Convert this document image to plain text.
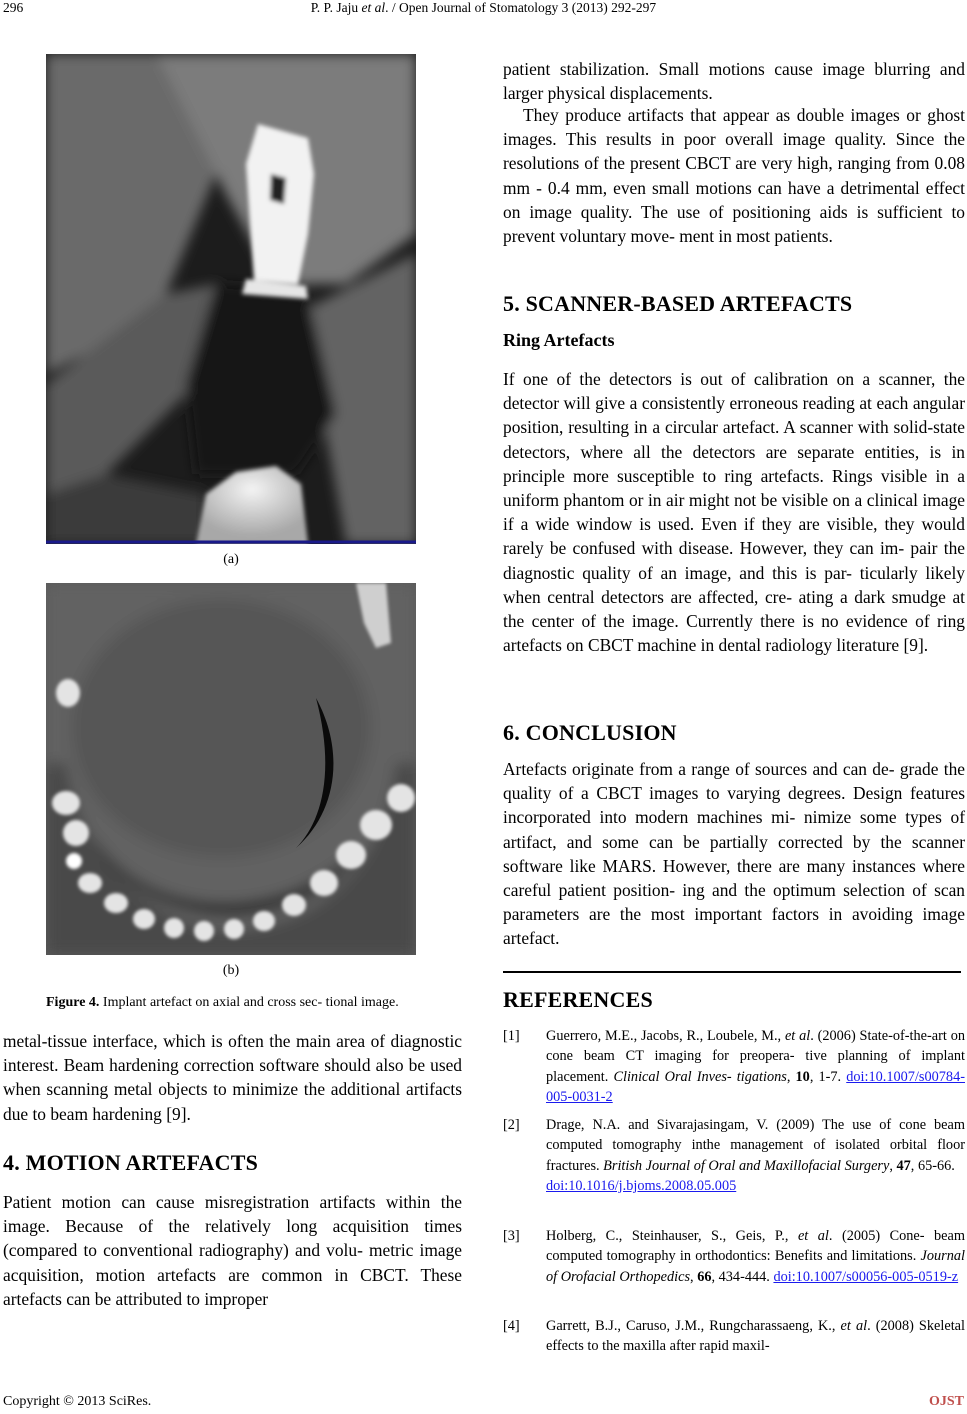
296	P. P. Jaju et al. / Open Journal of Stomatology 3 (2013) 292-297
(a)
(b)
Figure 4. Implant artefact on axial and cross sec- tional image.

metal-tissue interface, which is often the main area of diagnostic interest. Beam hardening correction software should also be used when scanning metal objects to minimize the additional artifacts due to beam hardening [9].

4. MOTION ARTEFACTS

Patient motion can cause misregistration artifacts within the image. Because of the relatively long acquisition times (compared to conventional radiography) and volu- metric image acquisition, motion artefacts are common in CBCT. These artefacts can be attributed to improper

patient stabilization. Small motions cause image blurring and larger physical displacements.

They produce artifacts that appear as double images or ghost images. This results in poor overall image quality. Since the resolutions of the present CBCT are very high, ranging from 0.08 mm - 0.4 mm, even small motions can have a detrimental effect on image quality. The use of positioning aids is sufficient to prevent voluntary move- ment in most patients.

5. SCANNER-BASED ARTEFACTS
Ring Artefacts

If one of the detectors is out of calibration on a scanner, the detector will give a consistently erroneous reading at each angular position, resulting in a circular artefact. A scanner with solid-state detectors, where all the detectors are separate entities, is in principle more susceptible to ring artefacts. Rings visible in a uniform phantom or in air might not be visible on a clinical image if a wide window is used. Even if they are visible, they would rarely be confused with disease. However, they can im- pair the diagnostic quality of an image, and this is par- ticularly likely when central detectors are affected, cre- ating a dark smudge at the center of the image. Currently there is no evidence of ring artefacts on CBCT machine in dental radiology literature [9].

6. CONCLUSION

Artefacts originate from a range of sources and can de- grade the quality of a CBCT images to varying degrees. Design features incorporated into modern machines mi- nimize some types of artifact, and some can be partially corrected by the scanner software like MARS. However, there are many instances where careful patient position- ing and the optimum selection of scan parameters are the most important factors in avoiding image artefact.

REFERENCES
[1] Guerrero, M.E., Jacobs, R., Loubele, M., et al. (2006) State-of-the-art on cone beam CT imaging for preopera- tive planning of implant placement. Clinical Oral Inves- tigations, 10, 1-7. doi:10.1007/s00784-005-0031-2
[2] Drage, N.A. and Sivarajasingam, V. (2009) The use of cone beam computed tomography inthe management of isolated orbital floor fractures. British Journal of Oral and Maxillofacial Surgery, 47, 65-66.
doi:10.1016/j.bjoms.2008.05.005
[3] Holberg, C., Steinhauser, S., Geis, P., et al. (2005) Cone- beam computed tomography in orthodontics: Benefits and limitations. Journal of Orofacial Orthopedics, 66, 434-444. doi:10.1007/s00056-005-0519-z
[4] Garrett, B.J., Caruso, J.M., Rungcharassaeng, K., et al. (2008) Skeletal effects to the maxilla after rapid maxil-
Copyright © 2013 SciRes.	OJST
